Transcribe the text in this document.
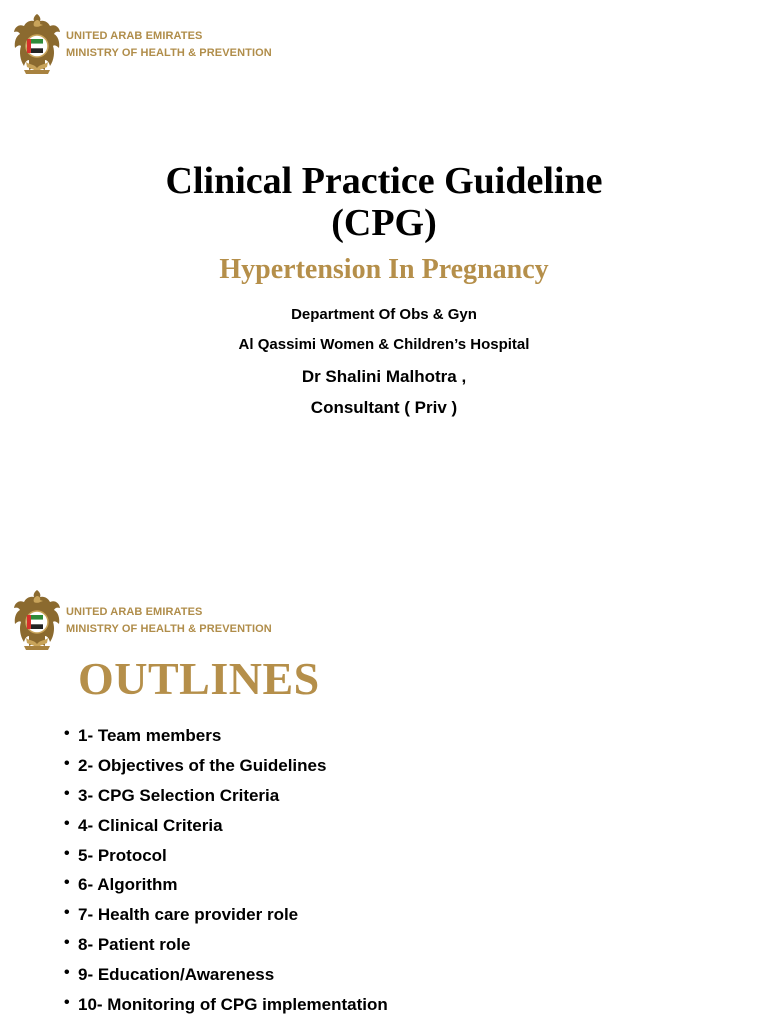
UNITED ARAB EMIRATES
MINISTRY OF HEALTH & PREVENTION
Clinical Practice Guideline
(CPG)
Hypertension In Pregnancy
Department Of Obs & Gyn
Al Qassimi Women & Children’s Hospital
Dr Shalini Malhotra ,
Consultant ( Priv )
UNITED ARAB EMIRATES
MINISTRY OF HEALTH & PREVENTION
OUTLINES
• 1- Team members
• 2- Objectives of the Guidelines
• 3- CPG Selection Criteria
• 4- Clinical Criteria
• 5- Protocol
• 6- Algorithm
• 7- Health care provider role
• 8- Patient role
• 9- Education/Awareness
• 10- Monitoring of CPG implementation
